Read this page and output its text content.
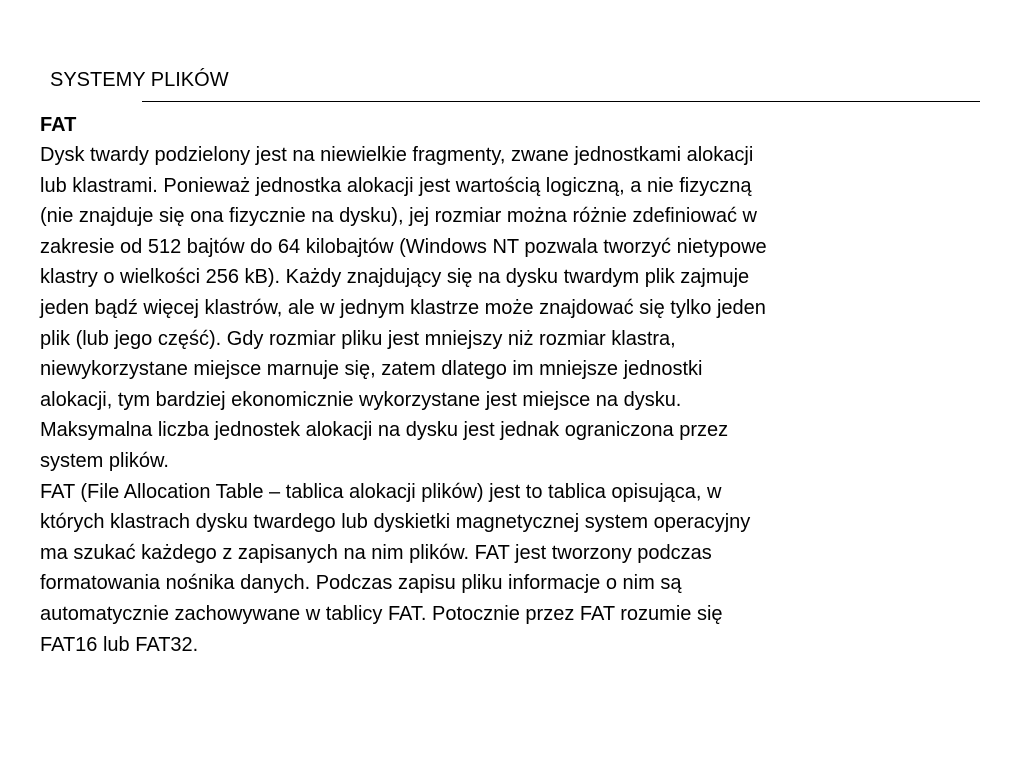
SYSTEMY PLIKÓW
FAT
Dysk twardy podzielony jest na niewielkie fragmenty, zwane jednostkami alokacji
lub klastrami. Ponieważ jednostka alokacji jest wartością logiczną, a nie fizyczną
(nie znajduje się ona fizycznie na dysku), jej rozmiar można różnie zdefiniować w
zakresie od 512 bajtów do 64 kilobajtów (Windows NT pozwala tworzyć nietypowe
klastry o wielkości 256 kB). Każdy znajdujący się na dysku twardym plik zajmuje
jeden bądź więcej klastrów, ale w jednym klastrze może znajdować się tylko jeden
plik (lub jego część). Gdy rozmiar pliku jest mniejszy niż rozmiar klastra,
niewykorzystane miejsce marnuje się, zatem dlatego im mniejsze jednostki
alokacji, tym bardziej ekonomicznie wykorzystane jest miejsce na dysku.
Maksymalna liczba jednostek alokacji na dysku jest jednak ograniczona przez
system plików.
FAT (File Allocation Table – tablica alokacji plików) jest to tablica opisująca, w
których klastrach dysku twardego lub dyskietki magnetycznej system operacyjny
ma szukać każdego z zapisanych na nim plików. FAT jest tworzony podczas
formatowania nośnika danych. Podczas zapisu pliku informacje o nim są
automatycznie zachowywane w tablicy FAT. Potocznie przez FAT rozumie się
FAT16 lub FAT32.
